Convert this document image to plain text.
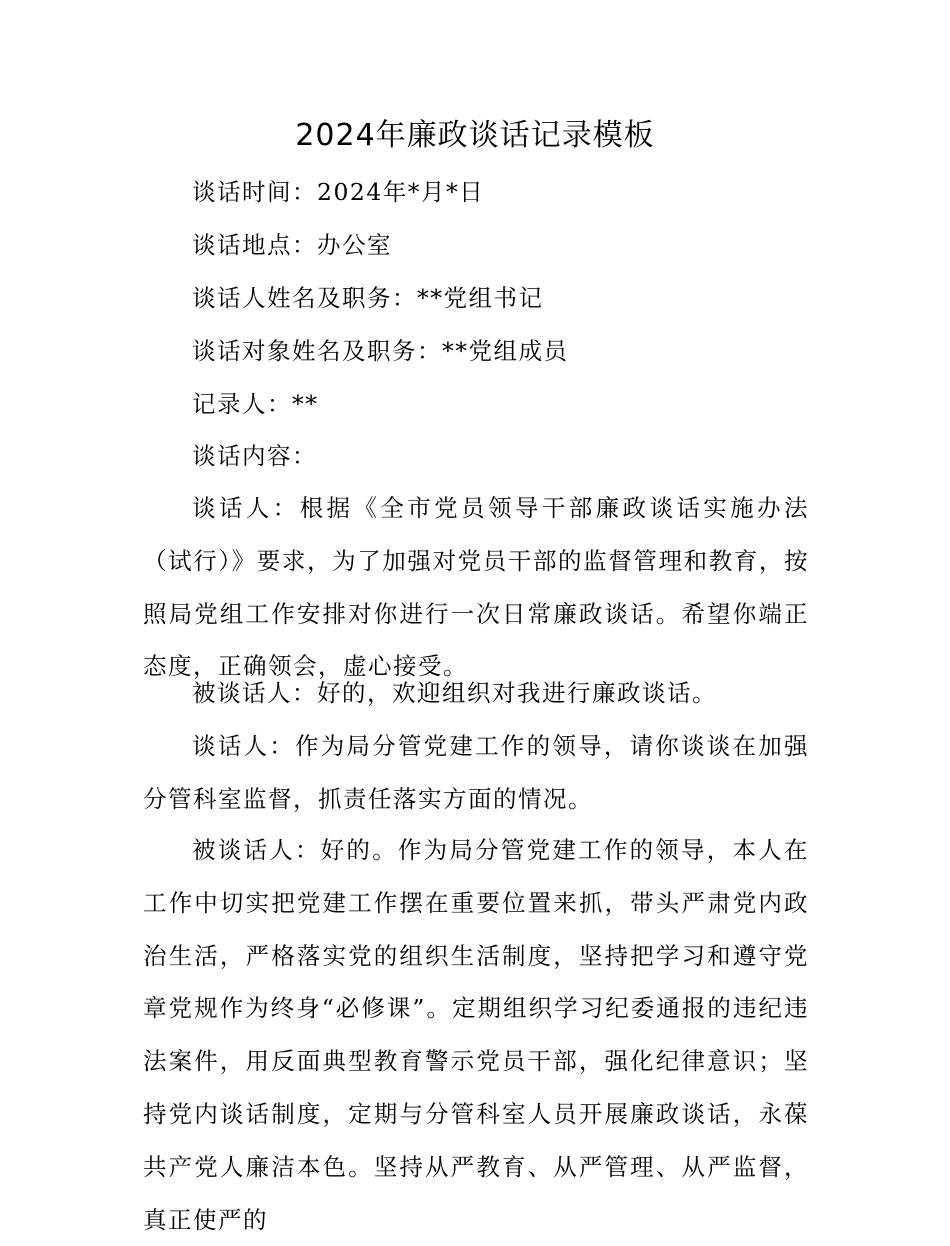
2024年廉政谈话记录模板
谈话时间：2024年*月*日
谈话地点：办公室
谈话人姓名及职务：**党组书记
谈话对象姓名及职务：**党组成员
记录人：**
谈话内容：
谈话人：根据《全市党员领导干部廉政谈话实施办法（试行）》要求，为了加强对党员干部的监督管理和教育，按照局党组工作安排对你进行一次日常廉政谈话。希望你端正态度，正确领会，虚心接受。
被谈话人：好的，欢迎组织对我进行廉政谈话。
谈话人：作为局分管党建工作的领导，请你谈谈在加强分管科室监督，抓责任落实方面的情况。
被谈话人：好的。作为局分管党建工作的领导，本人在工作中切实把党建工作摆在重要位置来抓，带头严肃党内政治生活，严格落实党的组织生活制度，坚持把学习和遵守党章党规作为终身“必修课”。定期组织学习纪委通报的违纪违法案件，用反面典型教育警示党员干部，强化纪律意识；坚持党内谈话制度，定期与分管科室人员开展廉政谈话，永葆共产党人廉洁本色。坚持从严教育、从严管理、从严监督，真正使严的
